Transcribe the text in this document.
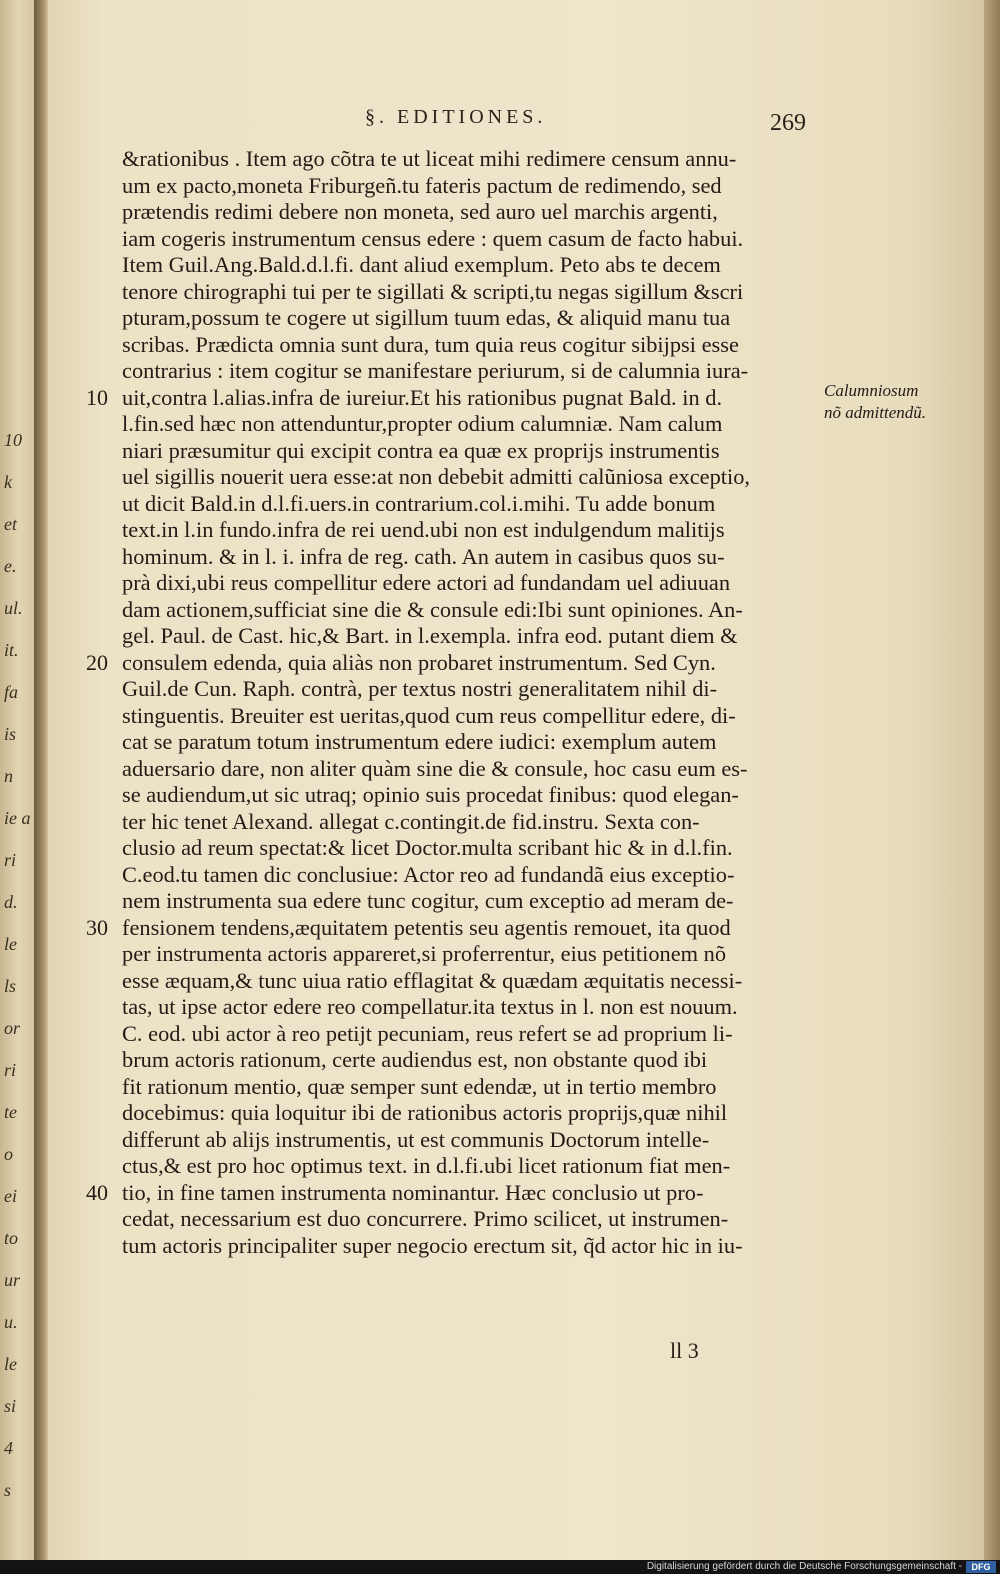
10
k
et
e.
ul.
it.
fa
is
n
ie a
ri
d.
le
ls
or
ri
te
o
ei
to
ur
u.
le
si
4
s
§. EDITIONES.	269
&rationibus . Item ago cõtra te ut liceat mihi redimere censum annu-
um ex pacto,moneta Friburgeñ.tu fateris pactum de redimendo, sed
prætendis redimi debere non moneta, sed auro uel marchis argenti,
iam cogeris instrumentum census edere : quem casum de facto habui.
Item Guil.Ang.Bald.d.l.fi. dant aliud exemplum. Peto abs te decem
tenore chirographi tui per te sigillati & scripti,tu negas sigillum &scri
pturam,possum te cogere ut sigillum tuum edas, & aliquid manu tua
scribas. Prædicta omnia sunt dura, tum quia reus cogitur sibijpsi esse
contrarius : item cogitur se manifestare periurum, si de calumnia iura-
uit,contra l.alias.infra de iureiur.Et his rationibus pugnat Bald. in d.
l.fin.sed hæc non attenduntur,propter odium calumniæ. Nam calum
niari præsumitur qui excipit contra ea quæ ex proprijs instrumentis
uel sigillis nouerit uera esse:at non debebit admitti calũniosa exceptio,
ut dicit Bald.in d.l.fi.uers.in contrarium.col.i.mihi. Tu adde bonum
text.in l.in fundo.infra de rei uend.ubi non est indulgendum malitijs
hominum. & in l. i. infra de reg. cath. An autem in casibus quos su-
prà dixi,ubi reus compellitur edere actori ad fundandam uel adiuuan
dam actionem,sufficiat sine die & consule edi:Ibi sunt opiniones. An-
gel. Paul. de Cast. hic,& Bart. in l.exempla. infra eod. putant diem &
consulem edenda, quia aliàs non probaret instrumentum. Sed Cyn.
Guil.de Cun. Raph. contrà, per textus nostri generalitatem nihil di-
stinguentis. Breuiter est ueritas,quod cum reus compellitur edere, di-
cat se paratum totum instrumentum edere iudici: exemplum autem
aduersario dare, non aliter quàm sine die & consule, hoc casu eum es-
se audiendum,ut sic utraq; opinio suis procedat finibus: quod elegan-
ter hic tenet Alexand. allegat c.contingit.de fid.instru. Sexta con-
clusio ad reum spectat:& licet Doctor.multa scribant hic & in d.l.fin.
C.eod.tu tamen dic conclusiue: Actor reo ad fundandã eius exceptio-
nem instrumenta sua edere tunc cogitur, cum exceptio ad meram de-
fensionem tendens,æquitatem petentis seu agentis remouet, ita quod
per instrumenta actoris appareret,si proferrentur, eius petitionem nõ
esse æquam,& tunc uiua ratio efflagitat & quædam æquitatis necessi-
tas, ut ipse actor edere reo compellatur.ita textus in l. non est nouum.
C. eod. ubi actor à reo petijt pecuniam, reus refert se ad proprium li-
brum actoris rationum, certe audiendus est, non obstante quod ibi
fit rationum mentio, quæ semper sunt edendæ, ut in tertio membro
docebimus: quia loquitur ibi de rationibus actoris proprijs,quæ nihil
differunt ab alijs instrumentis, ut est communis Doctorum intelle-
ctus,& est pro hoc optimus text. in d.l.fi.ubi licet rationum fiat men-
tio, in fine tamen instrumenta nominantur. Hæc conclusio ut pro-
cedat, necessarium est duo concurrere. Primo scilicet, ut instrumen-
tum actoris principaliter super negocio erectum sit, q̃d actor hic in iu-
10
20
30
40
Calumniosum
nõ admittendũ.
ll 3
Digitalisierung gefördert durch die Deutsche Forschungsgemeinschaft -	DFG
